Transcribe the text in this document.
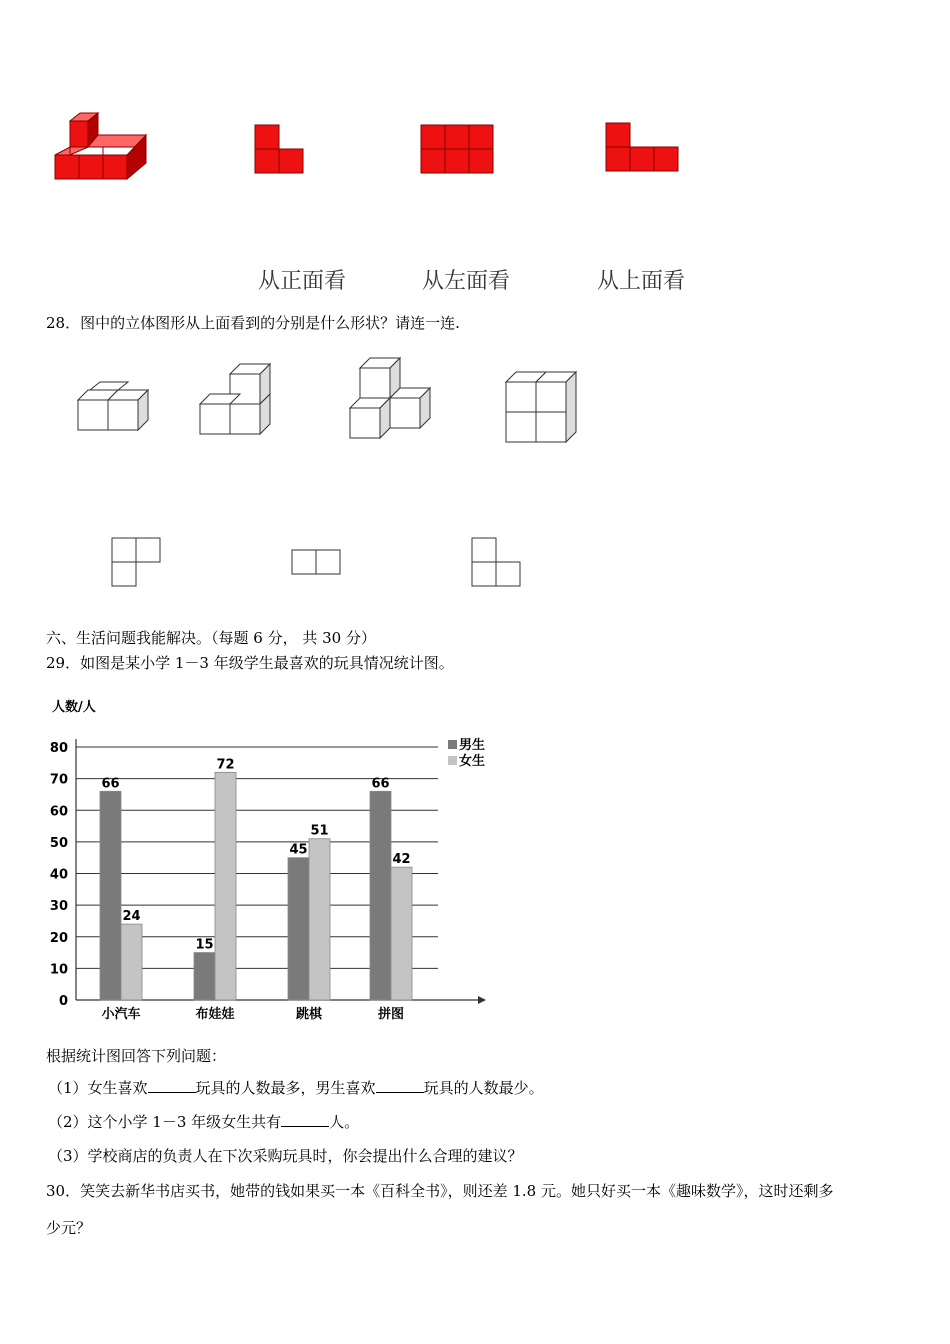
从正面看	从左面看	从上面看
28．图中的立体图形从上面看到的分别是什么形状？请连一连.
六、生活问题我能解决。（每题 6 分， 共 30 分）
29．如图是某小学 1－3 年级学生最喜欢的玩具情况统计图。
人数/人
0
10
20
30
40
50
60
70
80
66
24
小汽车
15
72
布娃娃
45
51
跳棋
66
42
拼图
男生
女生
根据统计图回答下列问题：
（1）女生喜欢	玩具的人数最多，男生喜欢	玩具的人数最少。
（2）这个小学 1－3 年级女生共有	人。
（3）学校商店的负责人在下次采购玩具时，你会提出什么合理的建议？
30．笑笑去新华书店买书，她带的钱如果买一本《百科全书》，则还差 1.8 元。她只好买一本《趣味数学》，这时还剩多
少元？
